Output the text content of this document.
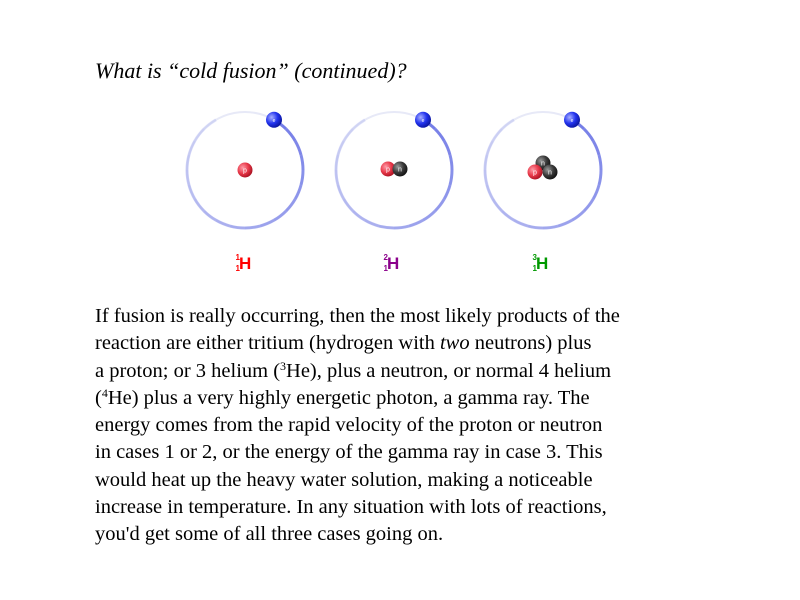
What is “cold fusion” (continued)?
p
e
p n
e
n
p n
e
1
1 H	2
1 H	3
1 H

If fusion is really occurring, then the most likely products of the

reaction are either tritium (hydrogen with two neutrons) plus

a proton; or 3 helium ($^3$He), plus a neutron, or normal 4 helium

($^4$He) plus a very highly energetic photon, a gamma ray. The

energy comes from the rapid velocity of the proton or neutron

in cases 1 or 2, or the energy of the gamma ray in case 3. This

would heat up the heavy water solution, making a noticeable

increase in temperature. In any situation with lots of reactions,

you'd get some of all three cases going on.
